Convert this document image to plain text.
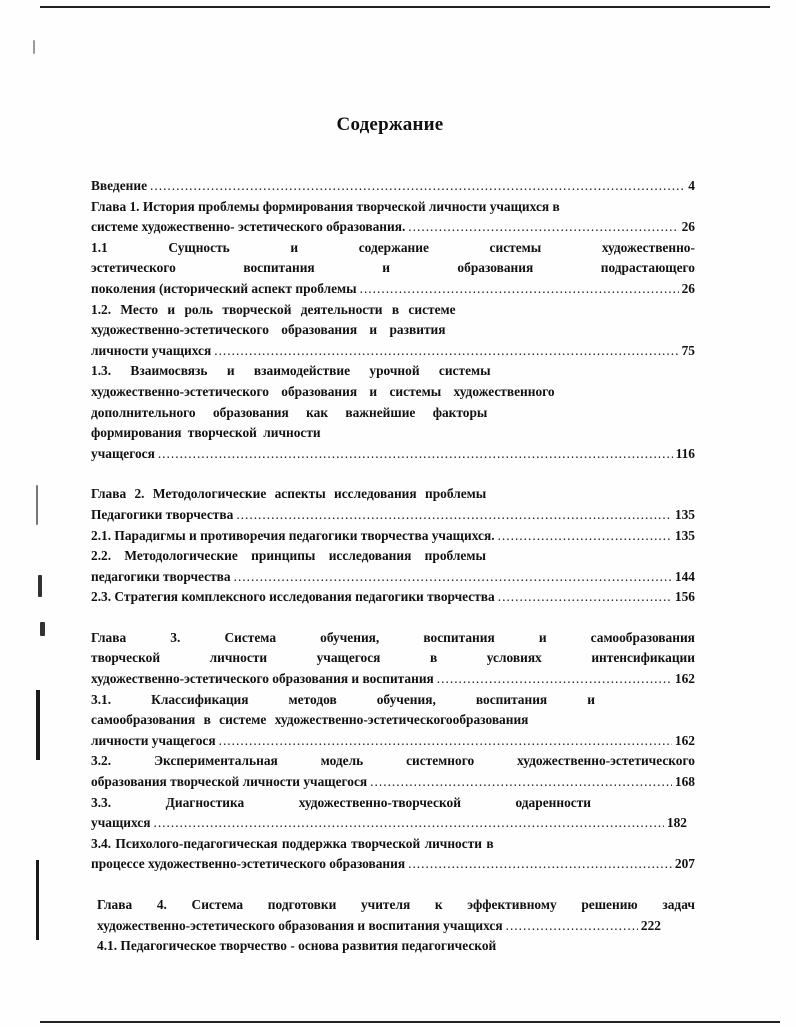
Содержание
Введение .....	4
Глава 1. История проблемы формирования творческой личности учащихся в
системе художественно- эстетического образования. .....	26
1.1	Сущность	и	содержание	системы	художественно-
эстетического	воспитания	и	образования	подрастающего
поколения (исторический аспект проблемы .....	26
1.2. Место и роль творческой деятельности в системе
художественно-эстетического образования и развития
личности учащихся .....	75
1.3. Взаимосвязь и взаимодействие урочной системы
художественно-эстетического образования и системы художественного
дополнительного образования как важнейшие факторы
формирования творческой личности
учащегося .....	116
Глава 2. Методологические аспекты исследования проблемы
Педагогики творчества .....	135
2.1. Парадигмы и противоречия педагогики творчества учащихся. .....	135
2.2. Методологические принципы исследования проблемы
педагогики творчества .....	144
2.3. Стратегия комплексного исследования педагогики творчества .....	156
Глава	3.	Система	обучения,	воспитания	и	самообразования
творческой	личности	учащегося	в	условиях	интенсификации
художественно-эстетического образования и воспитания .....	162
3.1.	Классификация	методов	обучения,	воспитания	и
самообразования в системе художественно-эстетическогообразования
личности учащегося .....	162
3.2.	Экспериментальная	модель	системного	художественно-эстетического
образования творческой личности учащегося .....	168
3.3.	Диагностика	художественно-творческой	одаренности
учащихся .....	182
3.4. Психолого-педагогическая поддержка творческой личности в
процессе художественно-эстетического образования .....	207
Глава 4. Система подготовки учителя к эффективному решению задач
художественно-эстетического образования и воспитания учащихся .....	222
4.1. Педагогическое творчество - основа развития педагогической
